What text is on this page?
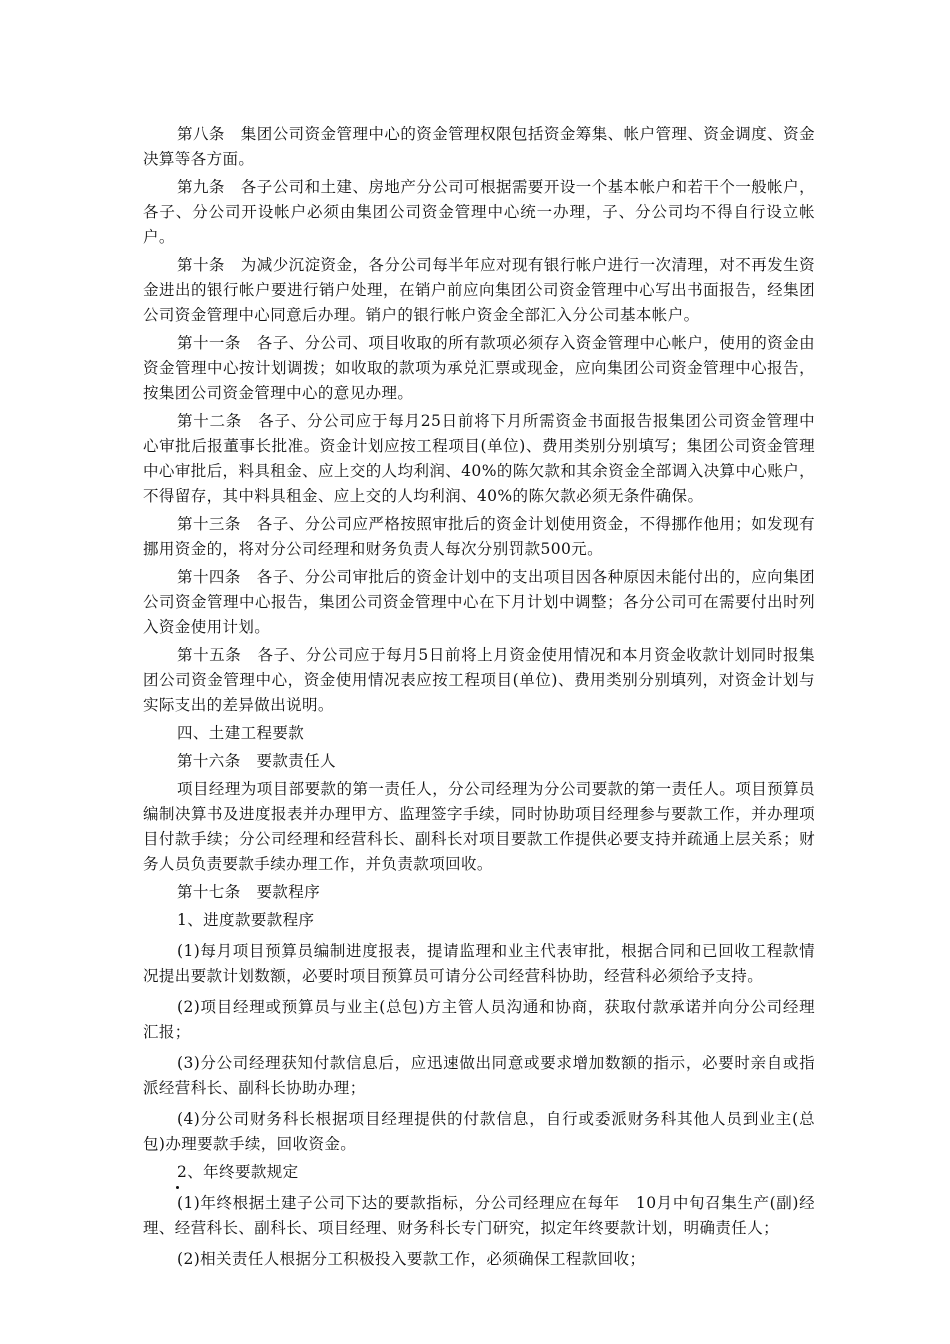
第八条　集团公司资金管理中心的资金管理权限包括资金筹集、帐户管理、资金调度、资金决算等各方面。

第九条　各子公司和土建、房地产分公司可根据需要开设一个基本帐户和若干个一般帐户，各子、分公司开设帐户必须由集团公司资金管理中心统一办理，子、分公司均不得自行设立帐户。

第十条　为减少沉淀资金，各分公司每半年应对现有银行帐户进行一次清理，对不再发生资金进出的银行帐户要进行销户处理，在销户前应向集团公司资金管理中心写出书面报告，经集团公司资金管理中心同意后办理。销户的银行帐户资金全部汇入分公司基本帐户。

第十一条　各子、分公司、项目收取的所有款项必须存入资金管理中心帐户，使用的资金由资金管理中心按计划调拨；如收取的款项为承兑汇票或现金，应向集团公司资金管理中心报告，按集团公司资金管理中心的意见办理。

第十二条　各子、分公司应于每月25日前将下月所需资金书面报告报集团公司资金管理中心审批后报董事长批准。资金计划应按工程项目(单位)、费用类别分别填写；集团公司资金管理中心审批后，料具租金、应上交的人均利润、40%的陈欠款和其余资金全部调入决算中心账户，不得留存，其中料具租金、应上交的人均利润、40%的陈欠款必须无条件确保。

第十三条　各子、分公司应严格按照审批后的资金计划使用资金，不得挪作他用；如发现有挪用资金的，将对分公司经理和财务负责人每次分别罚款500元。

第十四条　各子、分公司审批后的资金计划中的支出项目因各种原因未能付出的，应向集团公司资金管理中心报告，集团公司资金管理中心在下月计划中调整；各分公司可在需要付出时列入资金使用计划。

第十五条　各子、分公司应于每月5日前将上月资金使用情况和本月资金收款计划同时报集团公司资金管理中心，资金使用情况表应按工程项目(单位)、费用类别分别填列，对资金计划与实际支出的差异做出说明。

四、土建工程要款

第十六条　要款责任人

项目经理为项目部要款的第一责任人，分公司经理为分公司要款的第一责任人。项目预算员编制决算书及进度报表并办理甲方、监理签字手续，同时协助项目经理参与要款工作，并办理项目付款手续；分公司经理和经营科长、副科长对项目要款工作提供必要支持并疏通上层关系；财务人员负责要款手续办理工作，并负责款项回收。

第十七条　要款程序

1、进度款要款程序

(1)每月项目预算员编制进度报表，提请监理和业主代表审批，根据合同和已回收工程款情况提出要款计划数额，必要时项目预算员可请分公司经营科协助，经营科必须给予支持。

(2)项目经理或预算员与业主(总包)方主管人员沟通和协商，获取付款承诺并向分公司经理汇报；

(3)分公司经理获知付款信息后，应迅速做出同意或要求增加数额的指示，必要时亲自或指派经营科长、副科长协助办理；

(4)分公司财务科长根据项目经理提供的付款信息，自行或委派财务科其他人员到业主(总包)办理要款手续，回收资金。

2、年终要款规定

(1)年终根据土建子公司下达的要款指标，分公司经理应在每年　10月中旬召集生产(副)经理、经营科长、副科长、项目经理、财务科长专门研究，拟定年终要款计划，明确责任人；

(2)相关责任人根据分工积极投入要款工作，必须确保工程款回收；
